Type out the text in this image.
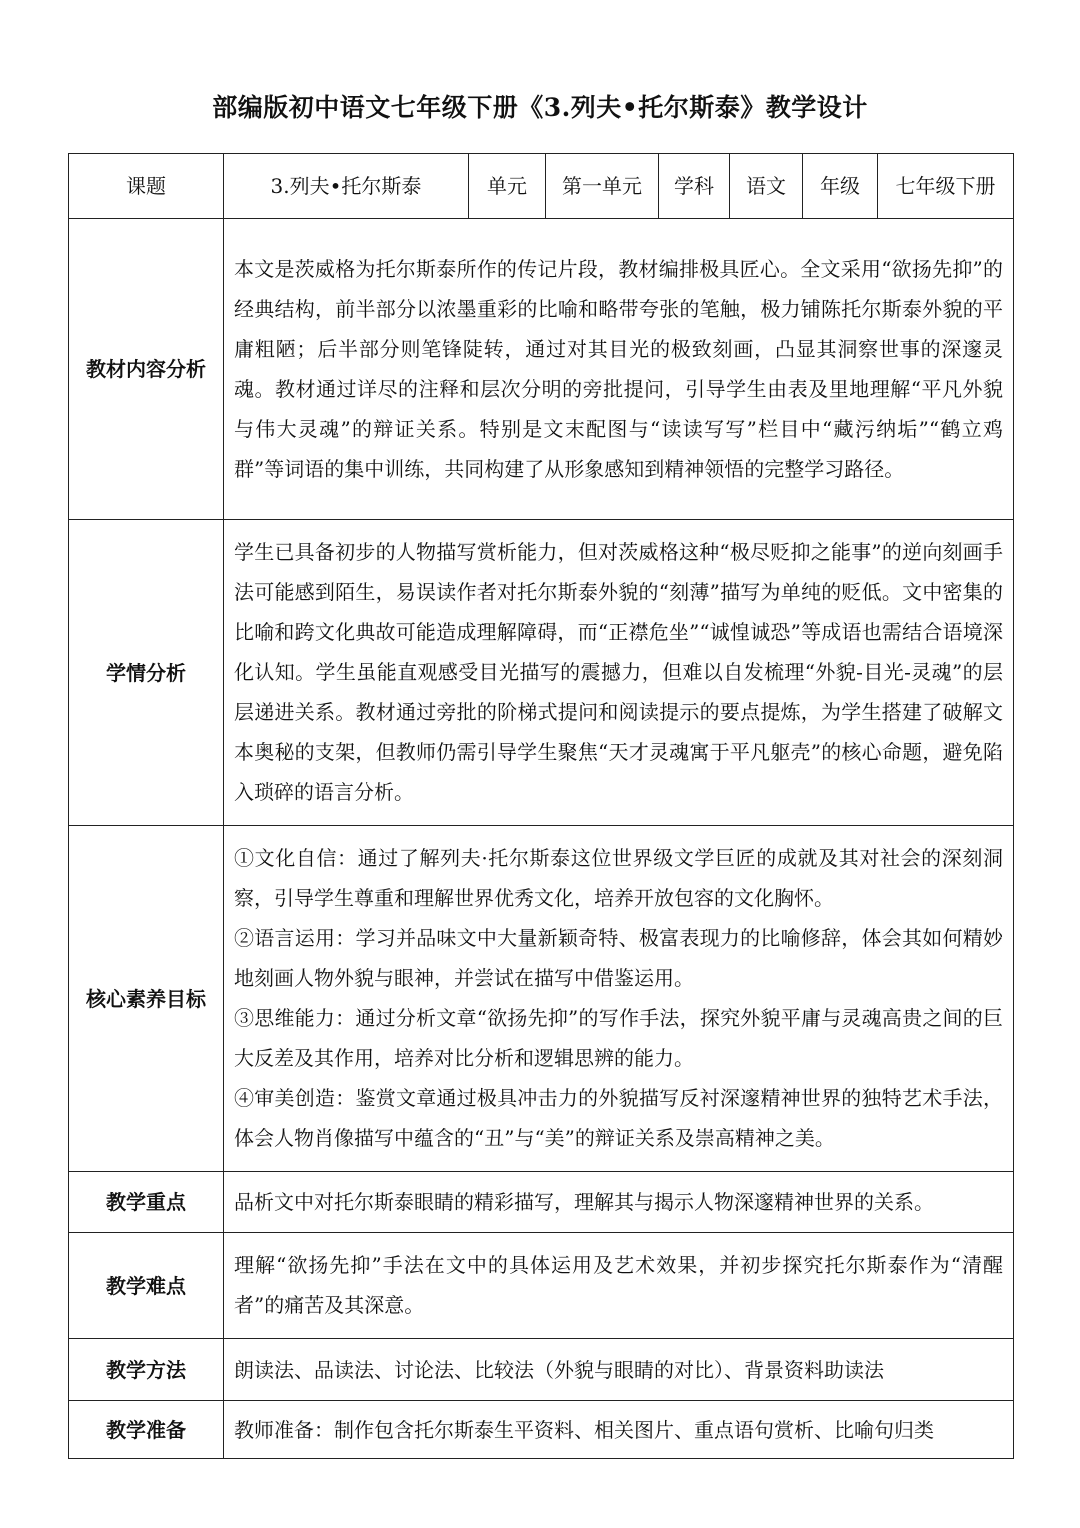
部编版初中语文七年级下册《3.列夫•托尔斯泰》教学设计
课题	3.列夫•托尔斯泰	单元	第一单元	学科	语文	年级	七年级下册
教材内容分析	本文是茨威格为托尔斯泰所作的传记片段，教材编排极具匠心。全文采用“欲扬先抑”的经典结构，前半部分以浓墨重彩的比喻和略带夸张的笔触，极力铺陈托尔斯泰外貌的平庸粗陋；后半部分则笔锋陡转，通过对其目光的极致刻画，凸显其洞察世事的深邃灵魂。教材通过详尽的注释和层次分明的旁批提问，引导学生由表及里地理解“平凡外貌与伟大灵魂”的辩证关系。特别是文末配图与“读读写写”栏目中“藏污纳垢”“鹤立鸡群”等词语的集中训练，共同构建了从形象感知到精神领悟的完整学习路径。						
学情分析	学生已具备初步的人物描写赏析能力，但对茨威格这种“极尽贬抑之能事”的逆向刻画手法可能感到陌生，易误读作者对托尔斯泰外貌的“刻薄”描写为单纯的贬低。文中密集的比喻和跨文化典故可能造成理解障碍，而“正襟危坐”“诚惶诚恐”等成语也需结合语境深化认知。学生虽能直观感受目光描写的震撼力，但难以自发梳理“外貌-目光-灵魂”的层层递进关系。教材通过旁批的阶梯式提问和阅读提示的要点提炼，为学生搭建了破解文本奥秘的支架，但教师仍需引导学生聚焦“天才灵魂寓于平凡躯壳”的核心命题，避免陷入琐碎的语言分析。						
核心素养目标	①文化自信：通过了解列夫·托尔斯泰这位世界级文学巨匠的成就及其对社会的深刻洞察，引导学生尊重和理解世界优秀文化，培养开放包容的文化胸怀。

②语言运用：学习并品味文中大量新颖奇特、极富表现力的比喻修辞，体会其如何精妙地刻画人物外貌与眼神，并尝试在描写中借鉴运用。

③思维能力：通过分析文章“欲扬先抑”的写作手法，探究外貌平庸与灵魂高贵之间的巨大反差及其作用，培养对比分析和逻辑思辨的能力。

④审美创造：鉴赏文章通过极具冲击力的外貌描写反衬深邃精神世界的独特艺术手法，体会人物肖像描写中蕴含的“丑”与“美”的辩证关系及崇高精神之美。						

教学重点	品析文中对托尔斯泰眼睛的精彩描写，理解其与揭示人物深邃精神世界的关系。						
教学难点	理解“欲扬先抑”手法在文中的具体运用及艺术效果，并初步探究托尔斯泰作为“清醒者”的痛苦及其深意。						
教学方法	朗读法、品读法、讨论法、比较法（外貌与眼睛的对比）、背景资料助读法						
教学准备	教师准备：制作包含托尔斯泰生平资料、相关图片、重点语句赏析、比喻句归类						
